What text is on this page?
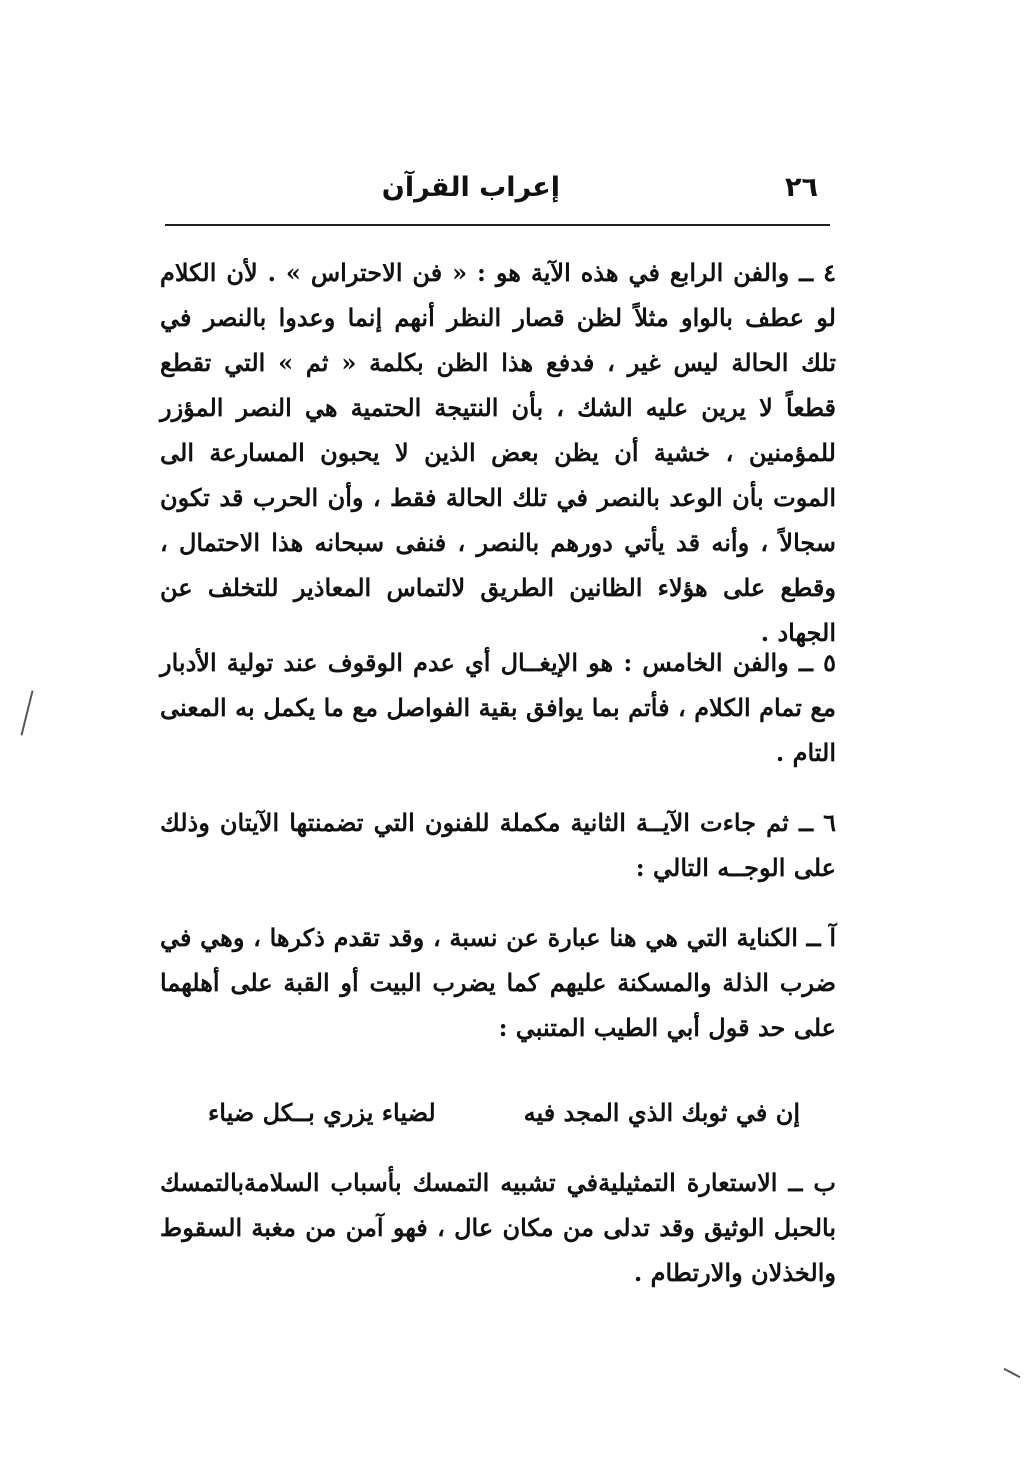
٢٦
إعراب القرآن

٤ ــ والفن الرابع في هذه الآية هو : « فن الاحتراس » . لأن الكلام لو عطف بالواو مثلاً لظن قصار النظر أنهم إنما وعدوا بالنصر في تلك الحالة ليس غير ، فدفع هذا الظن بكلمة « ثم » التي تقطع قطعاً لا يرين عليه الشك ، بأن النتيجة الحتمية هي النصر المؤزر للمؤمنين ، خشية أن يظن بعض الذين لا يحبون المسارعة الى الموت بأن الوعد بالنصر في تلك الحالة فقط ، وأن الحرب قد تكون سجالاً ، وأنه قد يأتي دورهم بالنصر ، فنفى سبحانه هذا الاحتمال ، وقطع على هؤلاء الظانين الطريق لالتماس المعاذير للتخلف عن الجهاد .

٥ ــ والفن الخامس : هو الإيغــال أي عدم الوقوف عند تولية الأدبار مع تمام الكلام ، فأتم بما يوافق بقية الفواصل مع ما يكمل به المعنى التام .

٦ ــ ثم جاءت الآيــة الثانية مكملة للفنون التي تضمنتها الآيتان وذلك على الوجــه التالي :

آ ــ الكناية التي هي هنا عبارة عن نسبة ، وقد تقدم ذكرها ، وهي في ضرب الذلة والمسكنة عليهم كما يضرب البيت أو القبة على أهلهما على حد قول أبي الطيب المتنبي :

إن في ثوبك الذي المجد فيه
لضياء يزري بــكل ضياء

ب ــ الاستعارة التمثيليةفي تشبيه التمسك بأسباب السلامةبالتمسك بالحبل الوثيق وقد تدلى من مكان عال ، فهو آمن من مغبة السقوط والخذلان والارتطام .
